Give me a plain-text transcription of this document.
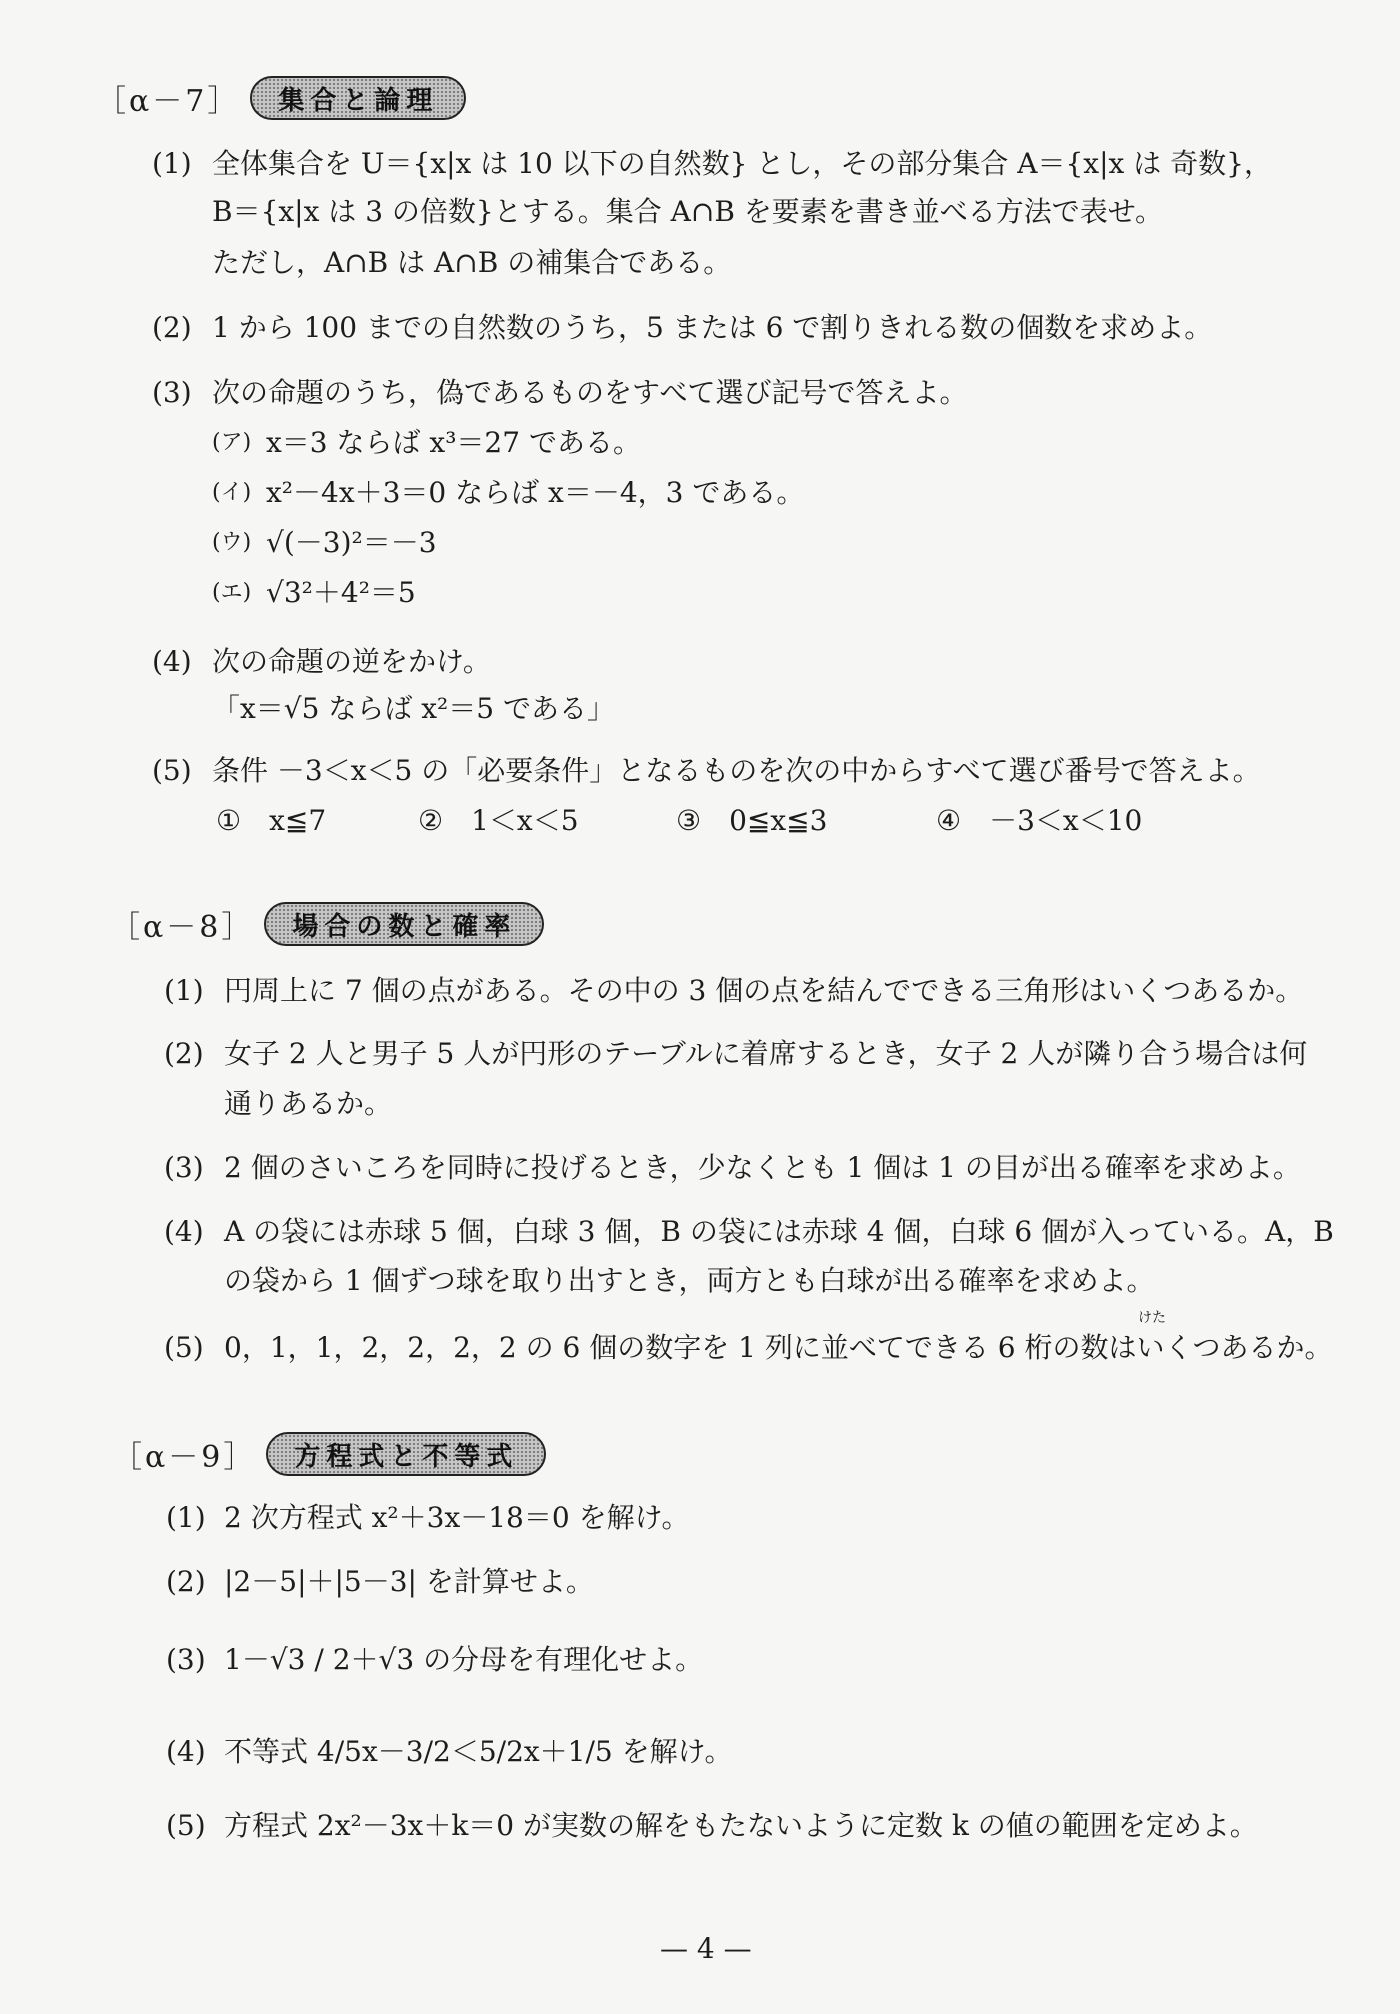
［α－7］	集合と論理
(1) 全体集合を U＝{x|x は 10 以下の自然数} とし，その部分集合 A＝{x|x は 奇数}，
B＝{x|x は 3 の倍数}とする。集合 A∩B を要素を書き並べる方法で表せ。
ただし，A∩B は A∩B の補集合である。
(2) 1 から 100 までの自然数のうち，5 または 6 で割りきれる数の個数を求めよ。
(3) 次の命題のうち，偽であるものをすべて選び記号で答えよ。
(ア) x＝3 ならば x³＝27 である。
(イ) x²－4x＋3＝0 ならば x＝－4，3 である。
(ウ) √(－3)²＝－3
(エ) √3²＋4²＝5
(4) 次の命題の逆をかけ。
「x＝√5 ならば x²＝5 である」
(5) 条件 －3＜x＜5 の「必要条件」となるものを次の中からすべて選び番号で答えよ。
①　x≦7	②　1＜x＜5	③　0≦x≦3	④　－3＜x＜10
［α－8］	場合の数と確率
(1) 円周上に 7 個の点がある。その中の 3 個の点を結んでできる三角形はいくつあるか。
(2) 女子 2 人と男子 5 人が円形のテーブルに着席するとき，女子 2 人が隣り合う場合は何
通りあるか。
(3) 2 個のさいころを同時に投げるとき，少なくとも 1 個は 1 の目が出る確率を求めよ。
(4) A の袋には赤球 5 個，白球 3 個，B の袋には赤球 4 個，白球 6 個が入っている。A，B
の袋から 1 個ずつ球を取り出すとき，両方とも白球が出る確率を求めよ。
(5)
けた
0，1，1，2，2，2，2 の 6 個の数字を 1 列に並べてできる 6 桁の数はいくつあるか。
［α－9］	方程式と不等式
(1) 2 次方程式 x²＋3x－18＝0 を解け。
(2) |2－5|＋|5－3| を計算せよ。
(3) 1－√3 / 2＋√3 の分母を有理化せよ。
(4) 不等式 4/5x－3/2＜5/2x＋1/5 を解け。
(5) 方程式 2x²－3x＋k＝0 が実数の解をもたないように定数 k の値の範囲を定めよ。
— 4 —
